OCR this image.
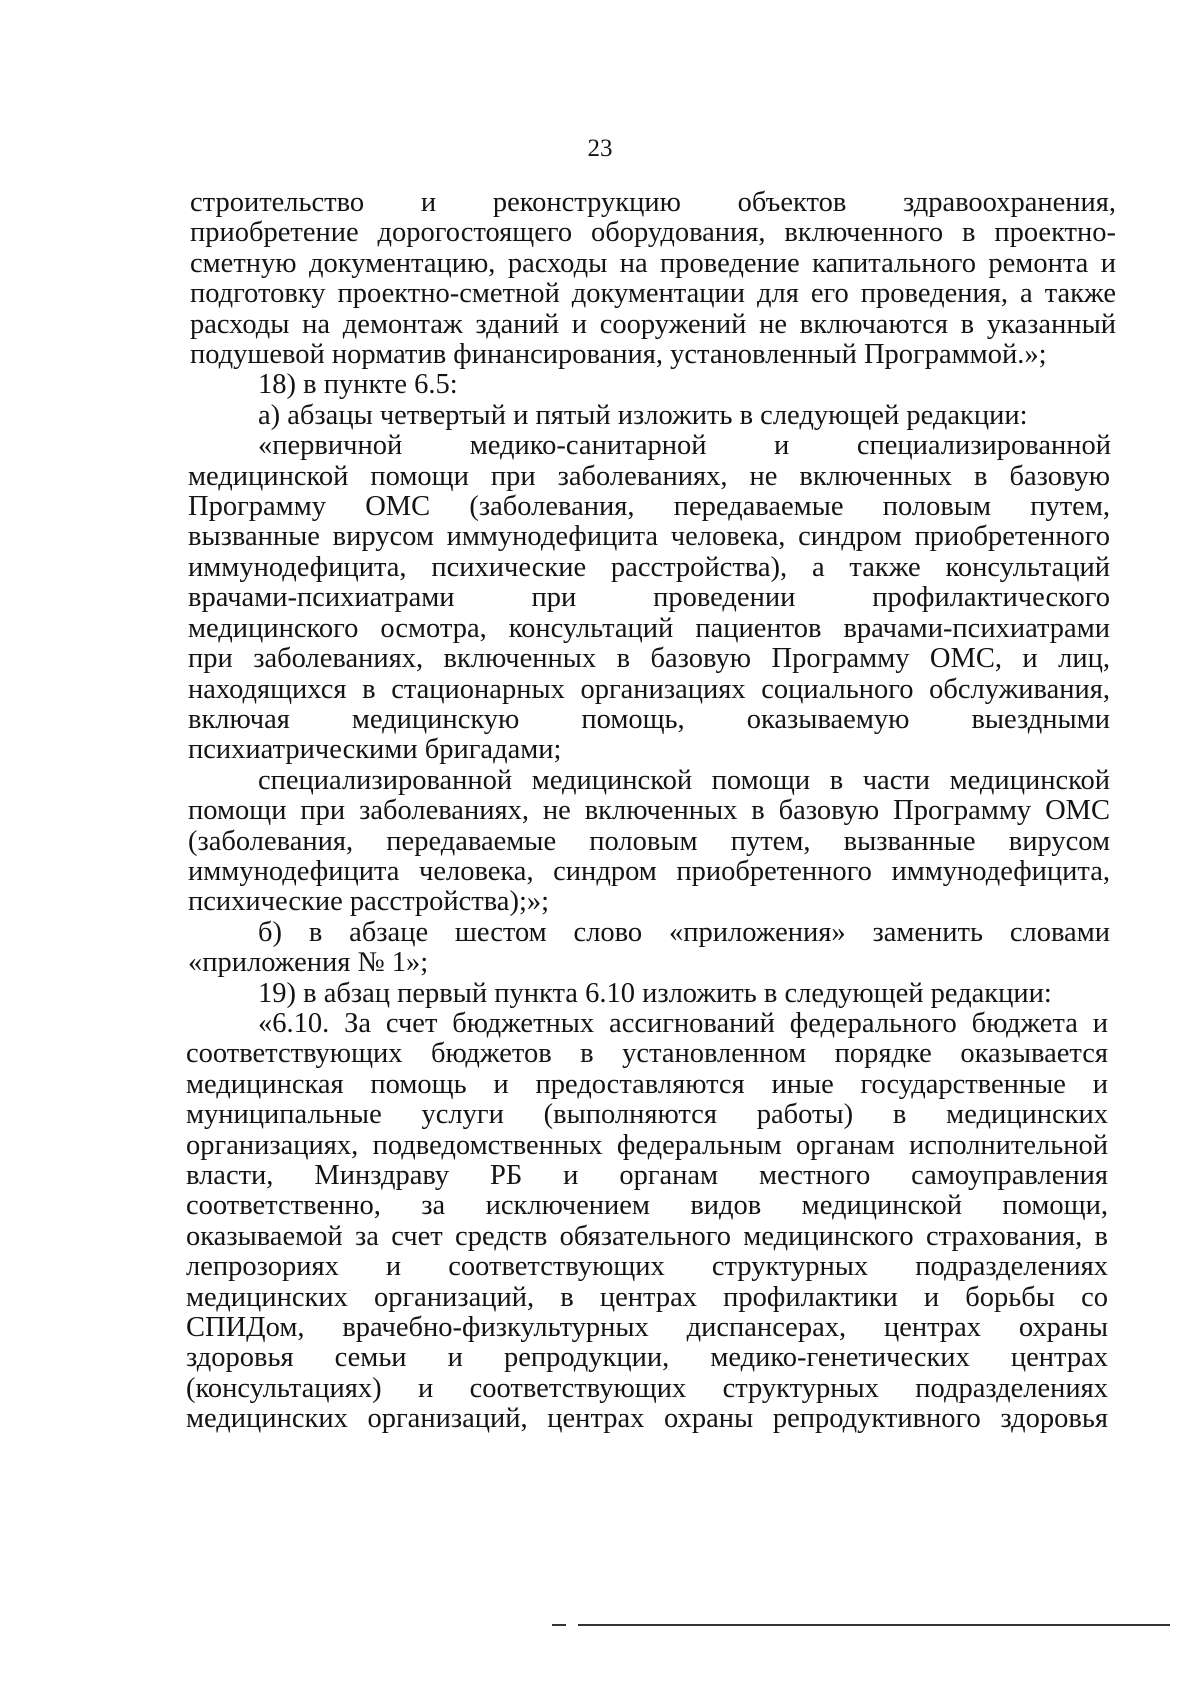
23
строительство и реконструкцию объектов здравоохранения,
приобретение дорогостоящего оборудования, включенного в проектно-
сметную документацию, расходы на проведение капитального ремонта и
подготовку проектно-сметной документации для его проведения, а также
расходы на демонтаж зданий и сооружений не включаются в указанный
подушевой норматив финансирования, установленный Программой.»;
18) в пункте 6.5:
а) абзацы четвертый и пятый изложить в следующей редакции:
«первичной медико-санитарной и специализированной
медицинской помощи при заболеваниях, не включенных в базовую
Программу ОМС (заболевания, передаваемые половым путем,
вызванные вирусом иммунодефицита человека, синдром приобретенного
иммунодефицита, психические расстройства), а также консультаций
врачами-психиатрами при проведении профилактического
медицинского осмотра, консультаций пациентов врачами-психиатрами
при заболеваниях, включенных в базовую Программу ОМС, и лиц,
находящихся в стационарных организациях социального обслуживания,
включая медицинскую помощь, оказываемую выездными
психиатрическими бригадами;
специализированной медицинской помощи в части медицинской
помощи при заболеваниях, не включенных в базовую Программу ОМС
(заболевания, передаваемые половым путем, вызванные вирусом
иммунодефицита человека, синдром приобретенного иммунодефицита,
психические расстройства);»;
б) в абзаце шестом слово «приложения» заменить словами
«приложения № 1»;
19) в абзац первый пункта 6.10 изложить в следующей редакции:
«6.10. За счет бюджетных ассигнований федерального бюджета и
соответствующих бюджетов в установленном порядке оказывается
медицинская помощь и предоставляются иные государственные и
муниципальные услуги (выполняются работы) в медицинских
организациях, подведомственных федеральным органам исполнительной
власти, Минздраву РБ и органам местного самоуправления
соответственно, за исключением видов медицинской помощи,
оказываемой за счет средств обязательного медицинского страхования, в
лепрозориях и соответствующих структурных подразделениях
медицинских организаций, в центрах профилактики и борьбы со
СПИДом, врачебно-физкультурных диспансерах, центрах охраны
здоровья семьи и репродукции, медико-генетических центрах
(консультациях) и соответствующих структурных подразделениях
медицинских организаций, центрах охраны репродуктивного здоровья
